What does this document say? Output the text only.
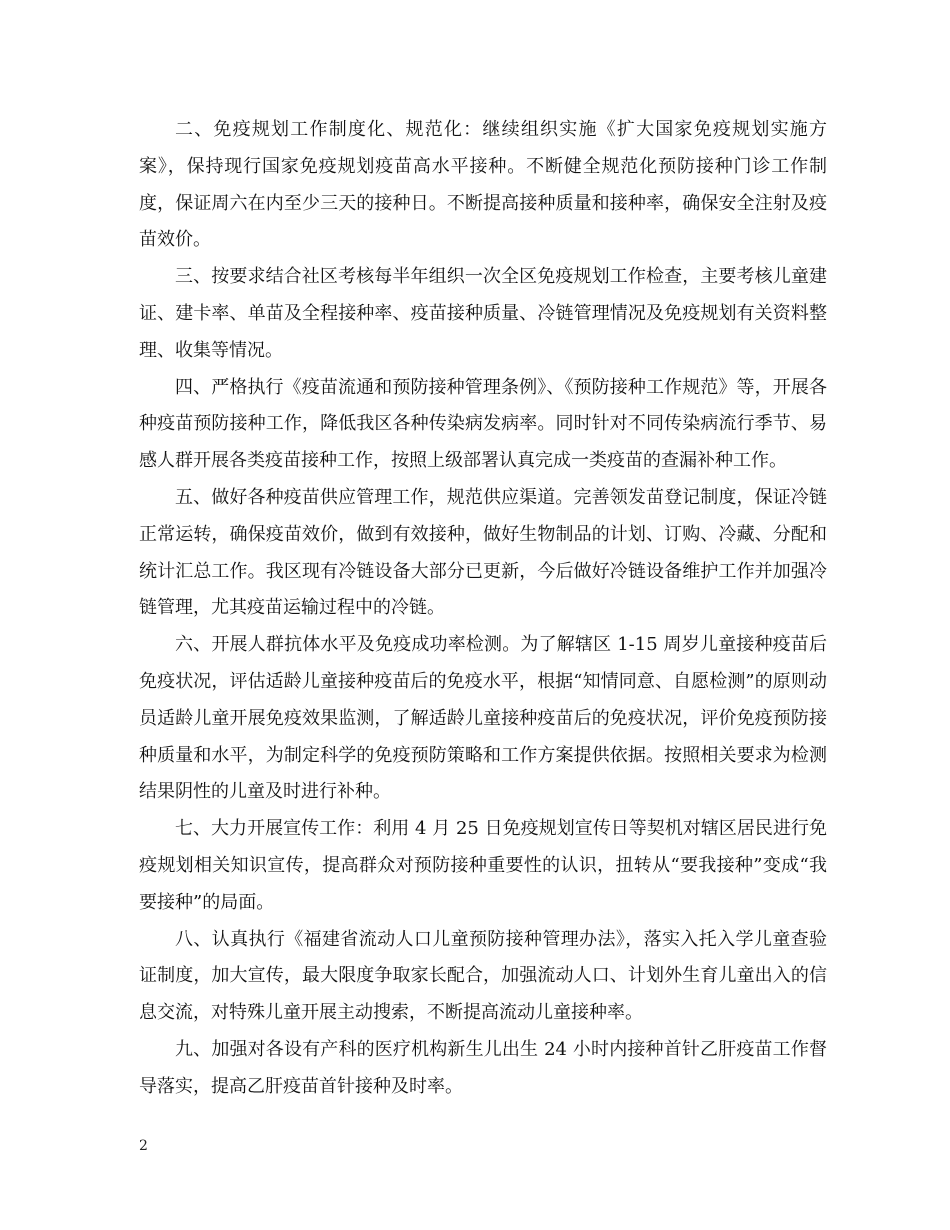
二、免疫规划工作制度化、规范化：继续组织实施《扩大国家免疫规划实施方案》，保持现行国家免疫规划疫苗高水平接种。不断健全规范化预防接种门诊工作制度，保证周六在内至少三天的接种日。不断提高接种质量和接种率，确保安全注射及疫苗效价。

三、按要求结合社区考核每半年组织一次全区免疫规划工作检查，主要考核儿童建证、建卡率、单苗及全程接种率、疫苗接种质量、冷链管理情况及免疫规划有关资料整理、收集等情况。

四、严格执行《疫苗流通和预防接种管理条例》、《预防接种工作规范》等，开展各种疫苗预防接种工作，降低我区各种传染病发病率。同时针对不同传染病流行季节、易感人群开展各类疫苗接种工作，按照上级部署认真完成一类疫苗的查漏补种工作。

五、做好各种疫苗供应管理工作，规范供应渠道。完善领发苗登记制度，保证冷链正常运转，确保疫苗效价，做到有效接种，做好生物制品的计划、订购、冷藏、分配和统计汇总工作。我区现有冷链设备大部分已更新，今后做好冷链设备维护工作并加强冷链管理，尤其疫苗运输过程中的冷链。

六、开展人群抗体水平及免疫成功率检测。为了解辖区 1-15 周岁儿童接种疫苗后免疫状况，评估适龄儿童接种疫苗后的免疫水平，根据“知情同意、自愿检测”的原则动员适龄儿童开展免疫效果监测，了解适龄儿童接种疫苗后的免疫状况，评价免疫预防接种质量和水平，为制定科学的免疫预防策略和工作方案提供依据。按照相关要求为检测结果阴性的儿童及时进行补种。

七、大力开展宣传工作：利用 4 月 25 日免疫规划宣传日等契机对辖区居民进行免疫规划相关知识宣传，提高群众对预防接种重要性的认识，扭转从“要我接种”变成“我要接种”的局面。

八、认真执行《福建省流动人口儿童预防接种管理办法》，落实入托入学儿童查验证制度，加大宣传，最大限度争取家长配合，加强流动人口、计划外生育儿童出入的信息交流，对特殊儿童开展主动搜索，不断提高流动儿童接种率。

九、加强对各设有产科的医疗机构新生儿出生 24 小时内接种首针乙肝疫苗工作督导落实，提高乙肝疫苗首针接种及时率。

2
